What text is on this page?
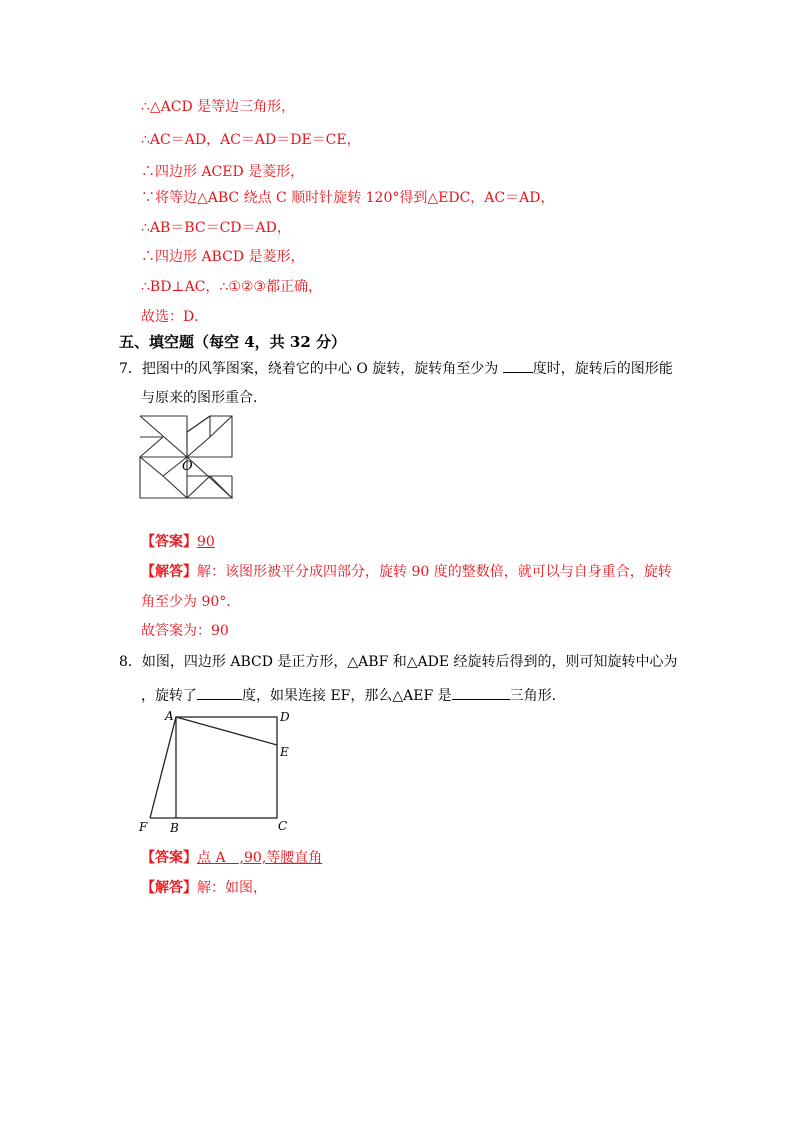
∴△ACD 是等边三角形，
∴AC＝AD，AC＝AD＝DE＝CE，
∴四边形 ACED 是菱形，
∵将等边△ABC 绕点 C 顺时针旋转 120°得到△EDC，AC＝AD，
∴AB＝BC＝CD＝AD，
∴四边形 ABCD 是菱形，
∴BD⊥AC，∴①②③都正确，
故选：D．
五、填空题（每空 4，共 32 分）
7．把图中的风筝图案，绕着它的中心 O 旋转，旋转角至少为 度时，旋转后的图形能
与原来的图形重合．
O
【答案】90
【解答】解：该图形被平分成四部分，旋转 90 度的整数倍，就可以与自身重合，旋转
角至少为 90°．
故答案为：90
8．如图，四边形 ABCD 是正方形，△ABF 和△ADE 经旋转后得到的，则可知旋转中心为
，旋转了	度，如果连接 EF，那么△AEF 是	三角形．
A	D
E
F B	C
【答案】点 A　,90,等腰直角
【解答】解：如图，
